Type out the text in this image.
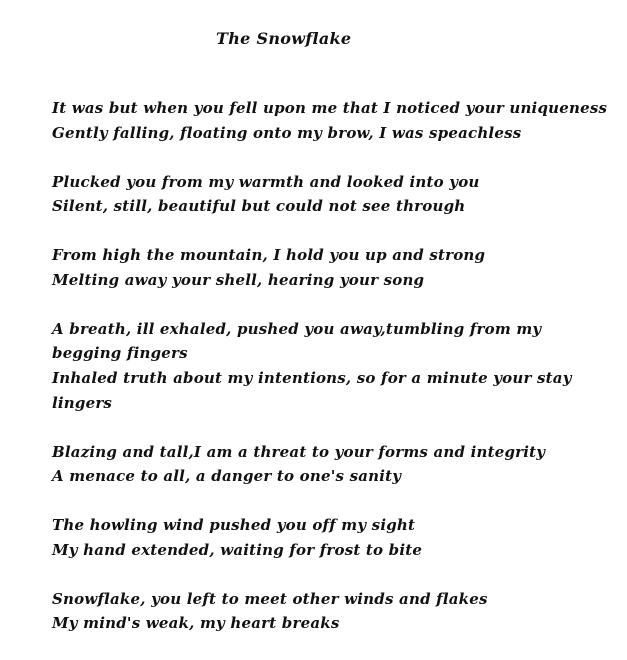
The Snowflake
It was but when you fell upon me that I noticed your uniqueness
Gently falling, floating onto my brow, I was speachless
Plucked you from my warmth and looked into you
Silent, still, beautiful but could not see through
From high the mountain, I hold you up and strong
Melting away your shell, hearing your song
A breath, ill exhaled, pushed you away,tumbling from my
begging fingers
Inhaled truth about my intentions, so for a minute your stay
lingers
Blazing and tall,I am a threat to your forms and integrity
A menace to all, a danger to one's sanity
The howling wind pushed you off my sight
My hand extended, waiting for frost to bite
Snowflake, you left to meet other winds and flakes
My mind's weak, my heart breaks
